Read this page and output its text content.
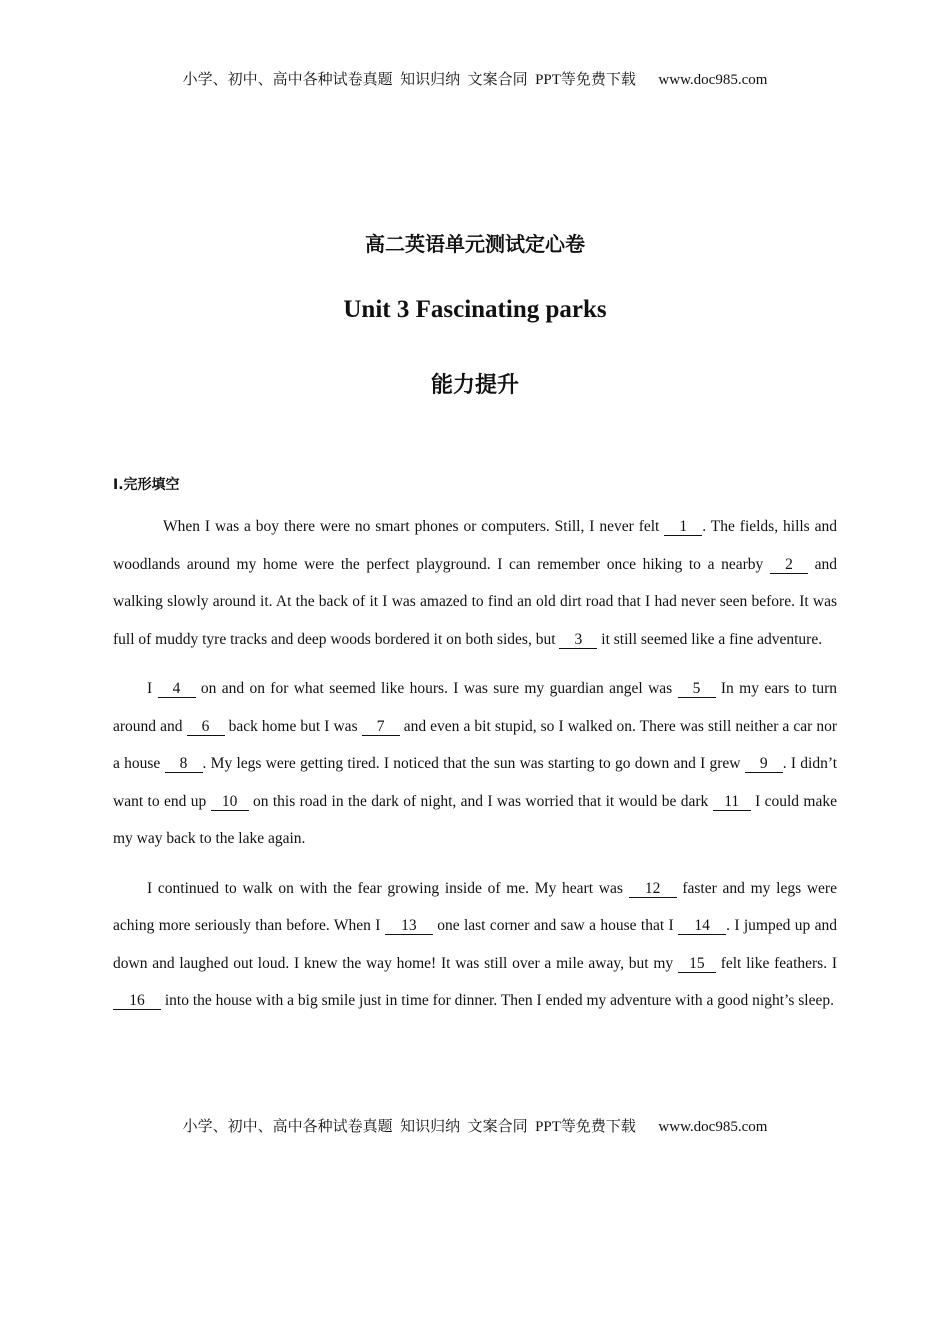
小学、初中、高中各种试卷真题  知识归纳  文案合同  PPT等免费下载      www.doc985.com
高二英语单元测试定心卷
Unit 3 Fascinating parks
能力提升
I.完形填空

When I was a boy there were no smart phones or computers. Still, I never felt 1 . The fields, hills and woodlands around my home were the perfect playground. I can remember once hiking to a nearby 2 and walking slowly around it. At the back of it I was amazed to find an old dirt road that I had never seen before. It was full of muddy tyre tracks and deep woods bordered it on both sides, but 3 it still seemed like a fine adventure.

I 4 on and on for what seemed like hours. I was sure my guardian angel was 5 In my ears to turn around and 6 back home but I was 7 and even a bit stupid, so I walked on. There was still neither a car nor a house 8 . My legs were getting tired. I noticed that the sun was starting to go down and I grew 9 . I didn’t want to end up 10 on this road in the dark of night, and I was worried that it would be dark 11 I could make my way back to the lake again.

I continued to walk on with the fear growing inside of me. My heart was 12 faster and my legs were aching more seriously than before. When I 13 one last corner and saw a house that I 14 . I jumped up and down and laughed out loud. I knew the way home! It was still over a mile away, but my 15 felt like feathers. I 16 into the house with a big smile just in time for dinner. Then I ended my adventure with a good night’s sleep.

小学、初中、高中各种试卷真题  知识归纳  文案合同  PPT等免费下载      www.doc985.com
